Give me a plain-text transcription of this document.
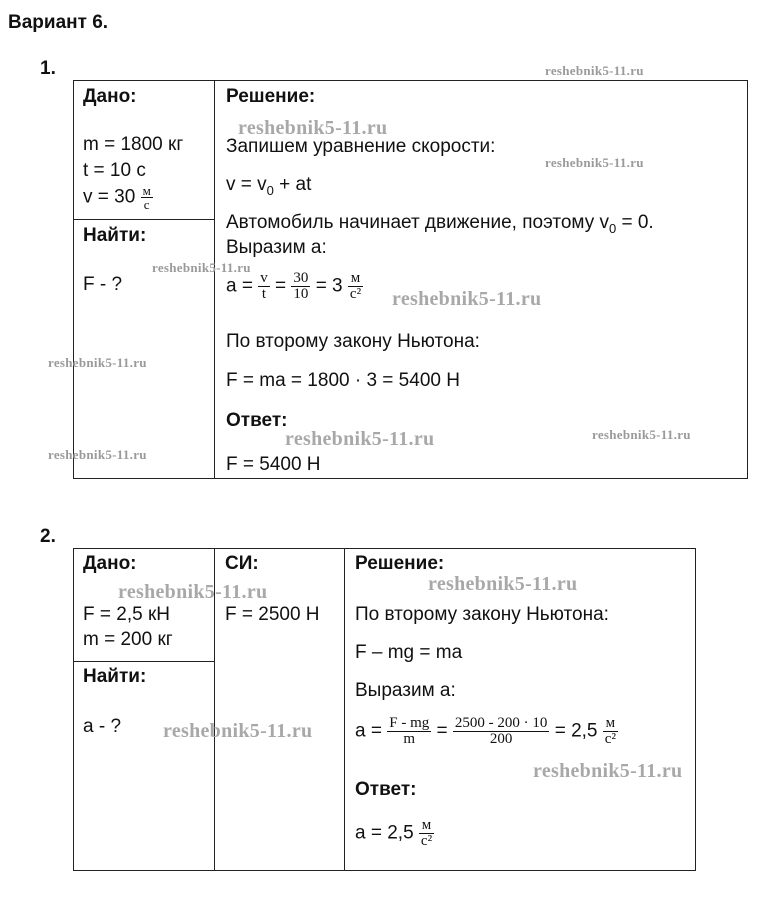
Вариант 6.
1.
Дано:
m = 1800 кг
t = 10 с
$v = 30 \frac{м}{с}$
Найти:
F - ?
Решение:
Запишем уравнение скорости:
$v = v_0$ + at
Автомобиль начинает движение, поэтому $v_0 = 0$.
Выразим a:
$a = \frac{v}{t} = \frac{30}{10} = 3 \frac{м}{\text{с²}}$
По второму закону Ньютона:
F = ma = 1800 · 3 = 5400 Н
Ответ:
F = 5400 Н
2.
Дано:
F = 2,5 кН
m = 200 кг
Найти:
a - ?
СИ:
F = 2500 Н
Решение:
По второму закону Ньютона:
F – mg = ma
Выразим a:
$a = \frac{F - mg}{m} = \frac{2500 - 200 \cdot 10}{200} = 2,5 \frac{м}{\text{с²}}$
Ответ:
$a = 2,5 \frac{м}{\text{с²}}$
reshebnik5-11.ru
reshebnik5-11.ru
reshebnik5-11.ru
reshebnik5-11.ru
reshebnik5-11.ru
reshebnik5-11.ru
reshebnik5-11.ru	reshebnik5-11.ru
reshebnik5-11.ru
reshebnik5-11.ru	reshebnik5-11.ru
reshebnik5-11.ru
reshebnik5-11.ru
